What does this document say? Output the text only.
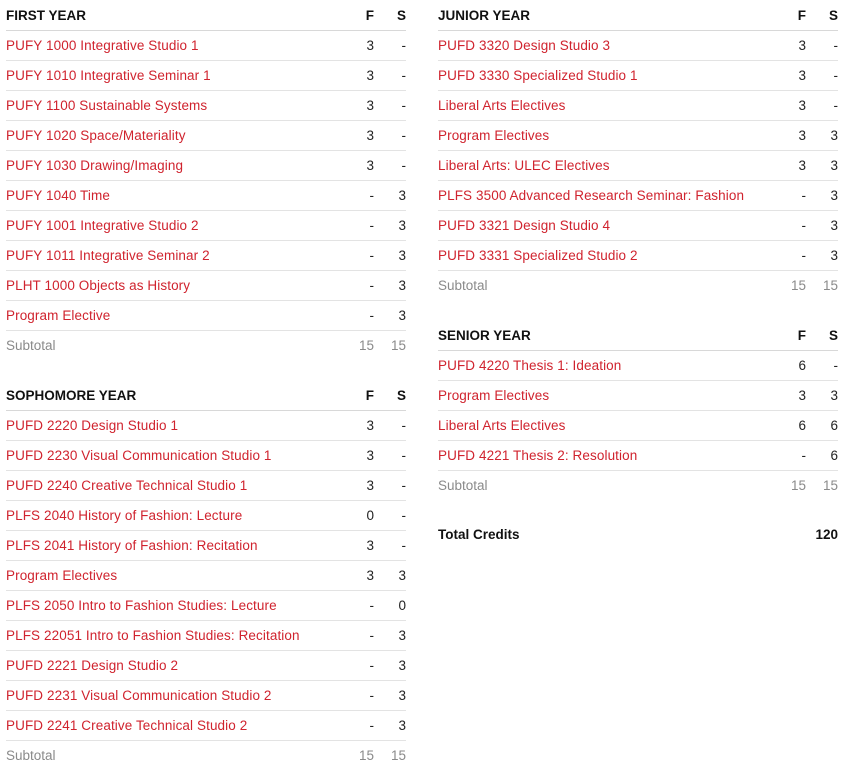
FIRST YEAR	F	S
PUFY 1000 Integrative Studio 1	3	-
PUFY 1010 Integrative Seminar 1	3	-
PUFY 1100 Sustainable Systems	3	-
PUFY 1020 Space/Materiality	3	-
PUFY 1030 Drawing/Imaging	3	-
PUFY 1040 Time	-	3
PUFY 1001 Integrative Studio 2	-	3
PUFY 1011 Integrative Seminar 2	-	3
PLHT 1000 Objects as History	-	3
Program Elective	-	3
Subtotal	15	15
SOPHOMORE YEAR	F	S
PUFD 2220 Design Studio 1	3	-
PUFD 2230 Visual Communication Studio 1	3	-
PUFD 2240 Creative Technical Studio 1	3	-
PLFS 2040 History of Fashion: Lecture	0	-
PLFS 2041 History of Fashion: Recitation	3	-
Program Electives	3	3
PLFS 2050 Intro to Fashion Studies: Lecture	-	0
PLFS 22051 Intro to Fashion Studies: Recitation	-	3
PUFD 2221 Design Studio 2	-	3
PUFD 2231 Visual Communication Studio 2	-	3
PUFD 2241 Creative Technical Studio 2	-	3
Subtotal	15	15
JUNIOR YEAR	F	S
PUFD 3320 Design Studio 3	3	-
PUFD 3330 Specialized Studio 1	3	-
Liberal Arts Electives	3	-
Program Electives	3	3
Liberal Arts: ULEC Electives	3	3
PLFS 3500 Advanced Research Seminar: Fashion	-	3
PUFD 3321 Design Studio 4	-	3
PUFD 3331 Specialized Studio 2	-	3
Subtotal	15	15
SENIOR YEAR	F	S
PUFD 4220 Thesis 1: Ideation	6	-
Program Electives	3	3
Liberal Arts Electives	6	6
PUFD 4221 Thesis 2: Resolution	-	6
Subtotal	15	15
Total Credits	120
